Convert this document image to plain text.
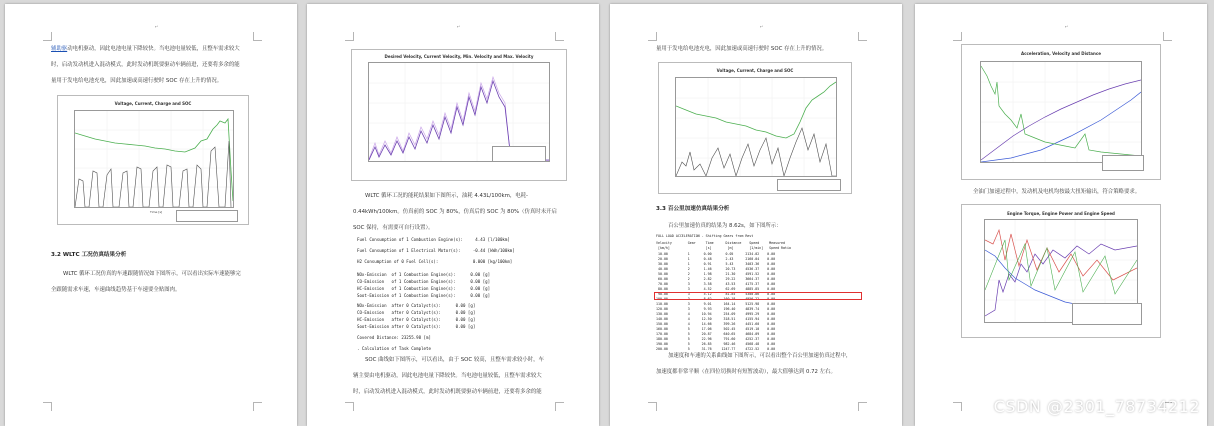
↵
辅助驱动电机驱动，因此电池电量下降较快。当电池电量较低，且整车需求较大
时，启动发动机进入混动模式，此时发动机既要驱动车辆前进，还要将多余的能
量用于发电给电池充电，因此加速或高速行驶时 SOC 存在上升的情况。
Voltage, Current, Charge and SOC
Time [s]
3.2 WLTC 工况仿真结果分析
WLTC 循环工况仿真的车速跟随情况如下图所示，可以看出实际车速能够完
全跟随需求车速，车速曲线趋势基于车速要全贴图肉。
↵
Desired Velocity, Current Velocity, Min. Velocity and Max. Velocity
WLTC 循环工况的能耗结果如下图所示，油耗 4.43L/100km，电耗-
0.44kWh/100km。仿真前的 SOC 为 80%，仿真后的 SOC 为 80%（仿真时未开启
SOC 保持，有需要可自行设置）。
Fuel Consumption of 1 Combustion Engine(s):     4.43 [l/100km]
Fuel Consumption of 1 Electrical Motor(s):     -0.44 [kWh/100km]
H2 Consumption of 0 Fuel Cell(s):              0.000 [kg/100km]
NOx-Emission  of 1 Combustion Engine(s):      0.00 [g]
CO-Emission   of 1 Combustion Engine(s):      0.00 [g]
HC-Emission   of 1 Combustion Engine(s):      0.00 [g]
Soot-Emission of 1 Combustion Engine(s):      0.00 [g]
NOx-Emission  after 0 Catalyst(s):      0.00 [g]
CO-Emission   after 0 Catalyst(s):      0.00 [g]
HC-Emission   after 0 Catalyst(s):      0.00 [g]
Soot-Emission after 0 Catalyst(s):      0.00 [g]
Covered Distance: 23255.98 [m]
. Calculation of Task Complete
SOC 曲线如下图所示，可以看出，由于 SOC 较高，且整车需求较小时，车
辆主要由电机驱动，因此电池电量下降较快。当电池电量较低，且整车需求较大
时，启动发动机进入混动模式，此时发动机既要驱动车辆前进，还要将多余的能
↵
量用于发电给电池充电，因此加速或高速行驶时 SOC 存在上升的情况。
Voltage, Current, Charge and SOC
3.3 百公里加速仿真结果分析
百公里加速仿真的结果为 8.62s，如下图所示：
FULL LOAD ACCELERATION - Shifting Gears from Rest
Velocity        Gear     Time      Distance    Speed     Measured
[km/h]                  [s]        [m]        [1/min]   Speed Ratio
10.00          1       0.00       0.05      2134.02    0.00
20.00          1       0.48       2.43      2160.04    0.00
30.00          1       0.91       5.43      3403.36    0.00
40.00          2       1.46       20.73     4536.37    0.00
50.00          2       1.98       21.30     4591.52    0.00
60.00          2       2.82       29.22     3664.37    0.00
70.00          3       3.58       43.53     4175.37    0.00
80.00          3       4.52       62.69     4885.85    0.00
90.00          3       5.12       81.85     5300.86    0.00
100.00          3       8.62      160.18     4956.22    0.00
110.00          3       9.01      164.14     5125.98    0.00
120.00          3       9.93      196.40     4839.74    0.00
130.00          4      10.94      254.09     4995.29    0.00
140.00          4      12.50      318.51     4155.94    0.00
150.00          4      14.66      399.26     4451.60    0.00
160.00          5      17.06      502.45     4519.10    0.00
170.00          5      20.87      640.65     4684.09    0.00
180.00          5      22.96      791.60     4252.37    0.00
190.00          5      26.85      982.46     4568.48    0.00
200.00          5      31.76     1247.77     4722.52    0.00
加速度和车速的关系曲线如下图所示，可以看出整个百公里加速仿真过程中，
加速度都非常平顺（在四位切换时有短暂波动），最大值够达到 0.72 左右。
↵
Acceleration, Velocity and Distance
全油门加速过程中，发动机及电机均按最大扭矩输出，符合策略要求。
Engine Torque, Engine Power and Engine Speed
CSDN @2301_78734212
